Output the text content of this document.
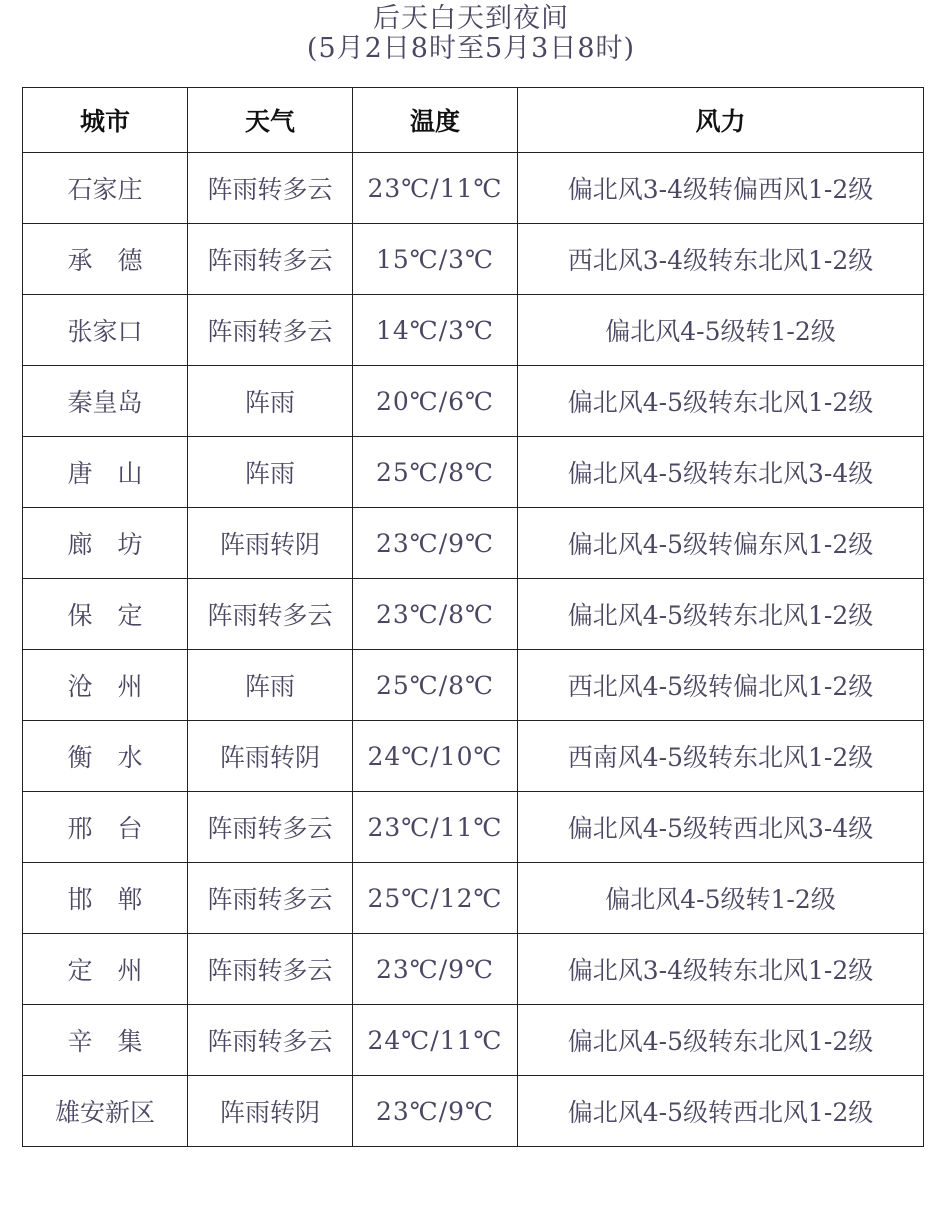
后天白天到夜间
(5月2日8时至5月3日8时)
城市	天气	温度	风力
石家庄	阵雨转多云	23℃/11℃	偏北风3-4级转偏西风1-2级
承　德	阵雨转多云	15℃/3℃	西北风3-4级转东北风1-2级
张家口	阵雨转多云	14℃/3℃	偏北风4-5级转1-2级
秦皇岛	阵雨	20℃/6℃	偏北风4-5级转东北风1-2级
唐　山	阵雨	25℃/8℃	偏北风4-5级转东北风3-4级
廊　坊	阵雨转阴	23℃/9℃	偏北风4-5级转偏东风1-2级
保　定	阵雨转多云	23℃/8℃	偏北风4-5级转东北风1-2级
沧　州	阵雨	25℃/8℃	西北风4-5级转偏北风1-2级
衡　水	阵雨转阴	24℃/10℃	西南风4-5级转东北风1-2级
邢　台	阵雨转多云	23℃/11℃	偏北风4-5级转西北风3-4级
邯　郸	阵雨转多云	25℃/12℃	偏北风4-5级转1-2级
定　州	阵雨转多云	23℃/9℃	偏北风3-4级转东北风1-2级
辛　集	阵雨转多云	24℃/11℃	偏北风4-5级转东北风1-2级
雄安新区	阵雨转阴	23℃/9℃	偏北风4-5级转西北风1-2级
